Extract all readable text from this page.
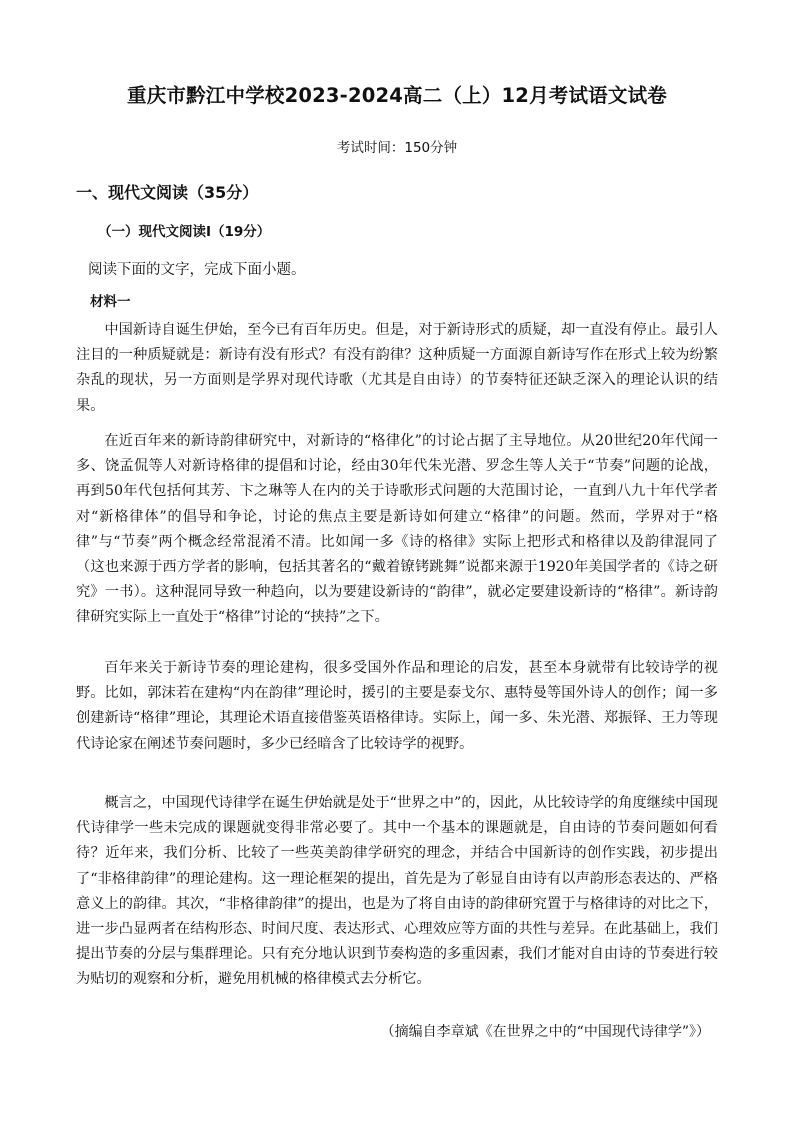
重庆市黔江中学校2023-2024高二（上）12月考试语文试卷
考试时间：150分钟
一、现代文阅读（35分）
（一）现代文阅读Ⅰ（19分）
阅读下面的文字，完成下面小题。
材料一

中国新诗自诞生伊始，至今已有百年历史。但是，对于新诗形式的质疑，却一直没有停止。最引人注目的一种质疑就是：新诗有没有形式？有没有韵律？这种质疑一方面源自新诗写作在形式上较为纷繁杂乱的现状，另一方面则是学界对现代诗歌（尤其是自由诗）的节奏特征还缺乏深入的理论认识的结果。

在近百年来的新诗韵律研究中，对新诗的“格律化”的讨论占据了主导地位。从20世纪20年代闻一多、饶孟侃等人对新诗格律的提倡和讨论，经由30年代朱光潜、罗念生等人关于“节奏”问题的论战，再到50年代包括何其芳、卞之琳等人在内的关于诗歌形式问题的大范围讨论，一直到八九十年代学者对“新格律体”的倡导和争论，讨论的焦点主要是新诗如何建立“格律”的问题。然而，学界对于“格律”与“节奏”两个概念经常混淆不清。比如闻一多《诗的格律》实际上把形式和格律以及韵律混同了（这也来源于西方学者的影响，包括其著名的“戴着镣铐跳舞”说都来源于1920年美国学者的《诗之研究》一书）。这种混同导致一种趋向，以为要建设新诗的“韵律”，就必定要建设新诗的“格律”。新诗韵律研究实际上一直处于“格律”讨论的“挟持”之下。

百年来关于新诗节奏的理论建构，很多受国外作品和理论的启发，甚至本身就带有比较诗学的视野。比如，郭沫若在建构“内在韵律”理论时，援引的主要是泰戈尔、惠特曼等国外诗人的创作；闻一多创建新诗“格律”理论，其理论术语直接借鉴英语格律诗。实际上，闻一多、朱光潜、郑振铎、王力等现代诗论家在阐述节奏问题时，多少已经暗含了比较诗学的视野。

概言之，中国现代诗律学在诞生伊始就是处于“世界之中”的，因此，从比较诗学的角度继续中国现代诗律学一些未完成的课题就变得非常必要了。其中一个基本的课题就是，自由诗的节奏问题如何看待？近年来，我们分析、比较了一些英美韵律学研究的理念，并结合中国新诗的创作实践，初步提出了“非格律韵律”的理论建构。这一理论框架的提出，首先是为了彰显自由诗有以声韵形态表达的、严格意义上的韵律。其次，“非格律韵律”的提出，也是为了将自由诗的韵律研究置于与格律诗的对比之下，进一步凸显两者在结构形态、时间尺度、表达形式、心理效应等方面的共性与差异。在此基础上，我们提出节奏的分层与集群理论。只有充分地认识到节奏构造的多重因素，我们才能对自由诗的节奏进行较为贴切的观察和分析，避免用机械的格律模式去分析它。

（摘编自李章斌《在世界之中的“中国现代诗律学”》）
